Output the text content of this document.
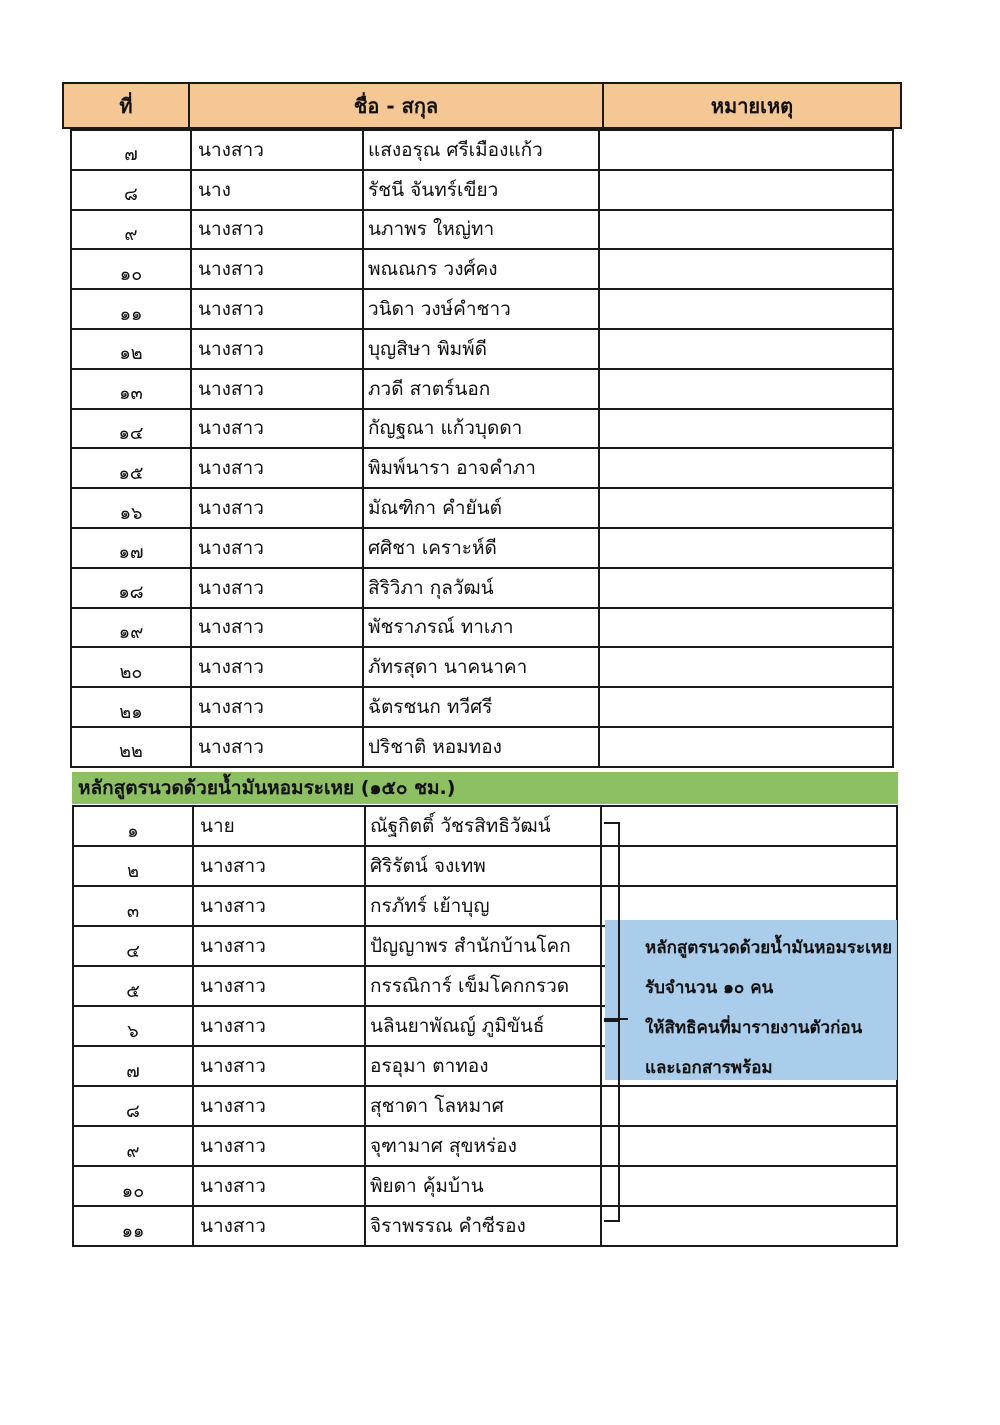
ที่	ชื่อ - สกุล	หมายเหตุ
๗	นางสาว	แสงอรุณ ศรีเมืองแก้ว
๘	นาง	รัชนี จันทร์เขียว
๙	นางสาว	นภาพร ใหญ่ทา
๑๐	นางสาว	พณณกร วงศ์คง
๑๑	นางสาว	วนิดา วงษ์คำชาว
๑๒	นางสาว	บุญสิษา พิมพ์ดี
๑๓	นางสาว	ภวดี สาตร์นอก
๑๔	นางสาว	กัญฐณา แก้วบุดดา
๑๕	นางสาว	พิมพ์นารา อาจคำภา
๑๖	นางสาว	มัณฑิกา คำยันต์
๑๗	นางสาว	ศศิชา เคราะห์ดี
๑๘	นางสาว	สิริวิภา กุลวัฒน์
๑๙	นางสาว	พัชราภรณ์ ทาเภา
๒๐	นางสาว	ภัทรสุดา นาคนาคา
๒๑	นางสาว	ฉัตรชนก ทวีศรี
๒๒	นางสาว	ปริชาติ หอมทอง
หลักสูตรนวดด้วยน้ำมันหอมระเหย (๑๕๐ ชม.)
๑	นาย	ณัฐกิตติ์ วัชรสิทธิวัฒน์
๒	นางสาว	ศิริรัตน์ จงเทพ
๓	นางสาว	กรภัทร์ เย้าบุญ
๔	นางสาว	ปัญญาพร สำนักบ้านโคก
๕	นางสาว	กรรณิการ์ เข็มโคกกรวด
๖	นางสาว	นลินยาพัณญ์ ภูมิขันธ์
๗	นางสาว	อรอุมา ตาทอง
๘	นางสาว	สุชาดา โลหมาศ
๙	นางสาว	จุฑามาศ สุขหร่อง
๑๐	นางสาว	พิยดา คุ้มบ้าน
๑๑	นางสาว	จิราพรรณ คำซีรอง
หลักสูตรนวดด้วยน้ำมันหอมระเหย
รับจำนวน ๑๐ คน
ให้สิทธิคนที่มารายงานตัวก่อน
และเอกสารพร้อม
